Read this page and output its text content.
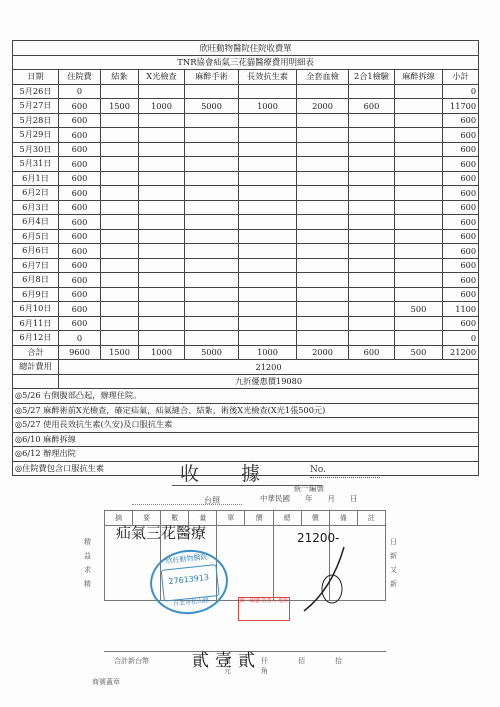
欣旺動物醫院住院收費單									
TNR協會疝氣三花貓醫療費用明細表									
日期	住院費	結紮	X光檢查	麻醉手術	長效抗生素	全套血檢	2合1檢驗	麻醉拆線	小計
5月26日	0								0
5月27日	600	1500	1000	5000	1000	2000	600		11700
5月28日	600								600
5月29日	600								600
5月30日	600								600
5月31日	600								600
6月1日	600								600
6月2日	600								600
6月3日	600								600
6月4日	600								600
6月5日	600								600
6月6日	600								600
6月7日	600								600
6月8日	600								600
6月9日	600								600
6月10日	600							500	1100
6月11日	600								600
6月12日	0								0
合計	9600	1500	1000	5000	1000	2000	600	500	21200
總計費用	21200								
	九折優惠價19080								
◎5/26 右側腹部凸起，辦理住院。									
◎5/27 麻醉術前X光檢查，確定疝氣，疝氣縫合、結紮，術後X光檢查(X光1張500元)									
◎5/27 使用長效抗生素(久安)及口服抗生素									
◎6/10 麻醉拆線									
◎6/12 辦理出院									
◎住院費包含口服抗生素										收據 No.
統一編號
台照	中華民國　　年　　月　　日
精益求精
日新又新
摘	要	數	量	單	價	總	價	備	註

疝氣三花醫療	21200-
欣旺動物醫院
27613913
台北市松山路	統一編號 負責人 地址
合計新台幣	萬仟佰拾元角
貳壹貳
商號蓋章
